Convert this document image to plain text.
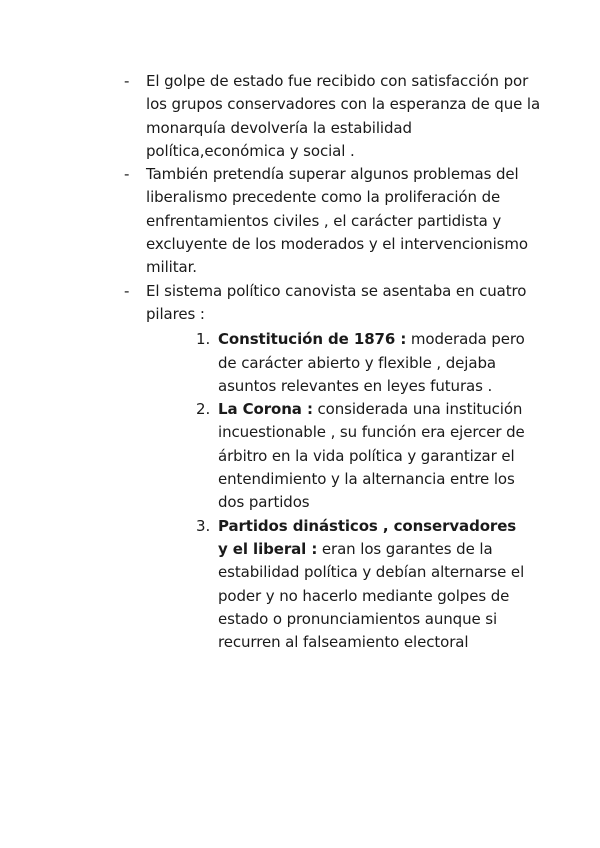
- El golpe de estado fue recibido con satisfacción por los grupos conservadores con la esperanza de que la monarquía devolvería la estabilidad política,económica y social .
- También pretendía superar algunos problemas del liberalismo precedente como la proliferación de enfrentamientos civiles , el carácter partidista y excluyente de los moderados y el intervencionismo militar.
- El sistema político canovista se asentaba en cuatro pilares :
1. Constitución de 1876 : moderada pero de carácter abierto y flexible , dejaba asuntos relevantes en leyes futuras .
2. La Corona : considerada una institución incuestionable , su función era ejercer de árbitro en la vida política y garantizar el entendimiento y la alternancia entre los dos partidos
3. Partidos dinásticos , conservadores y el liberal : eran los garantes de la estabilidad política y debían alternarse el poder y no hacerlo mediante golpes de estado o pronunciamientos aunque si recurren al falseamiento electoral
